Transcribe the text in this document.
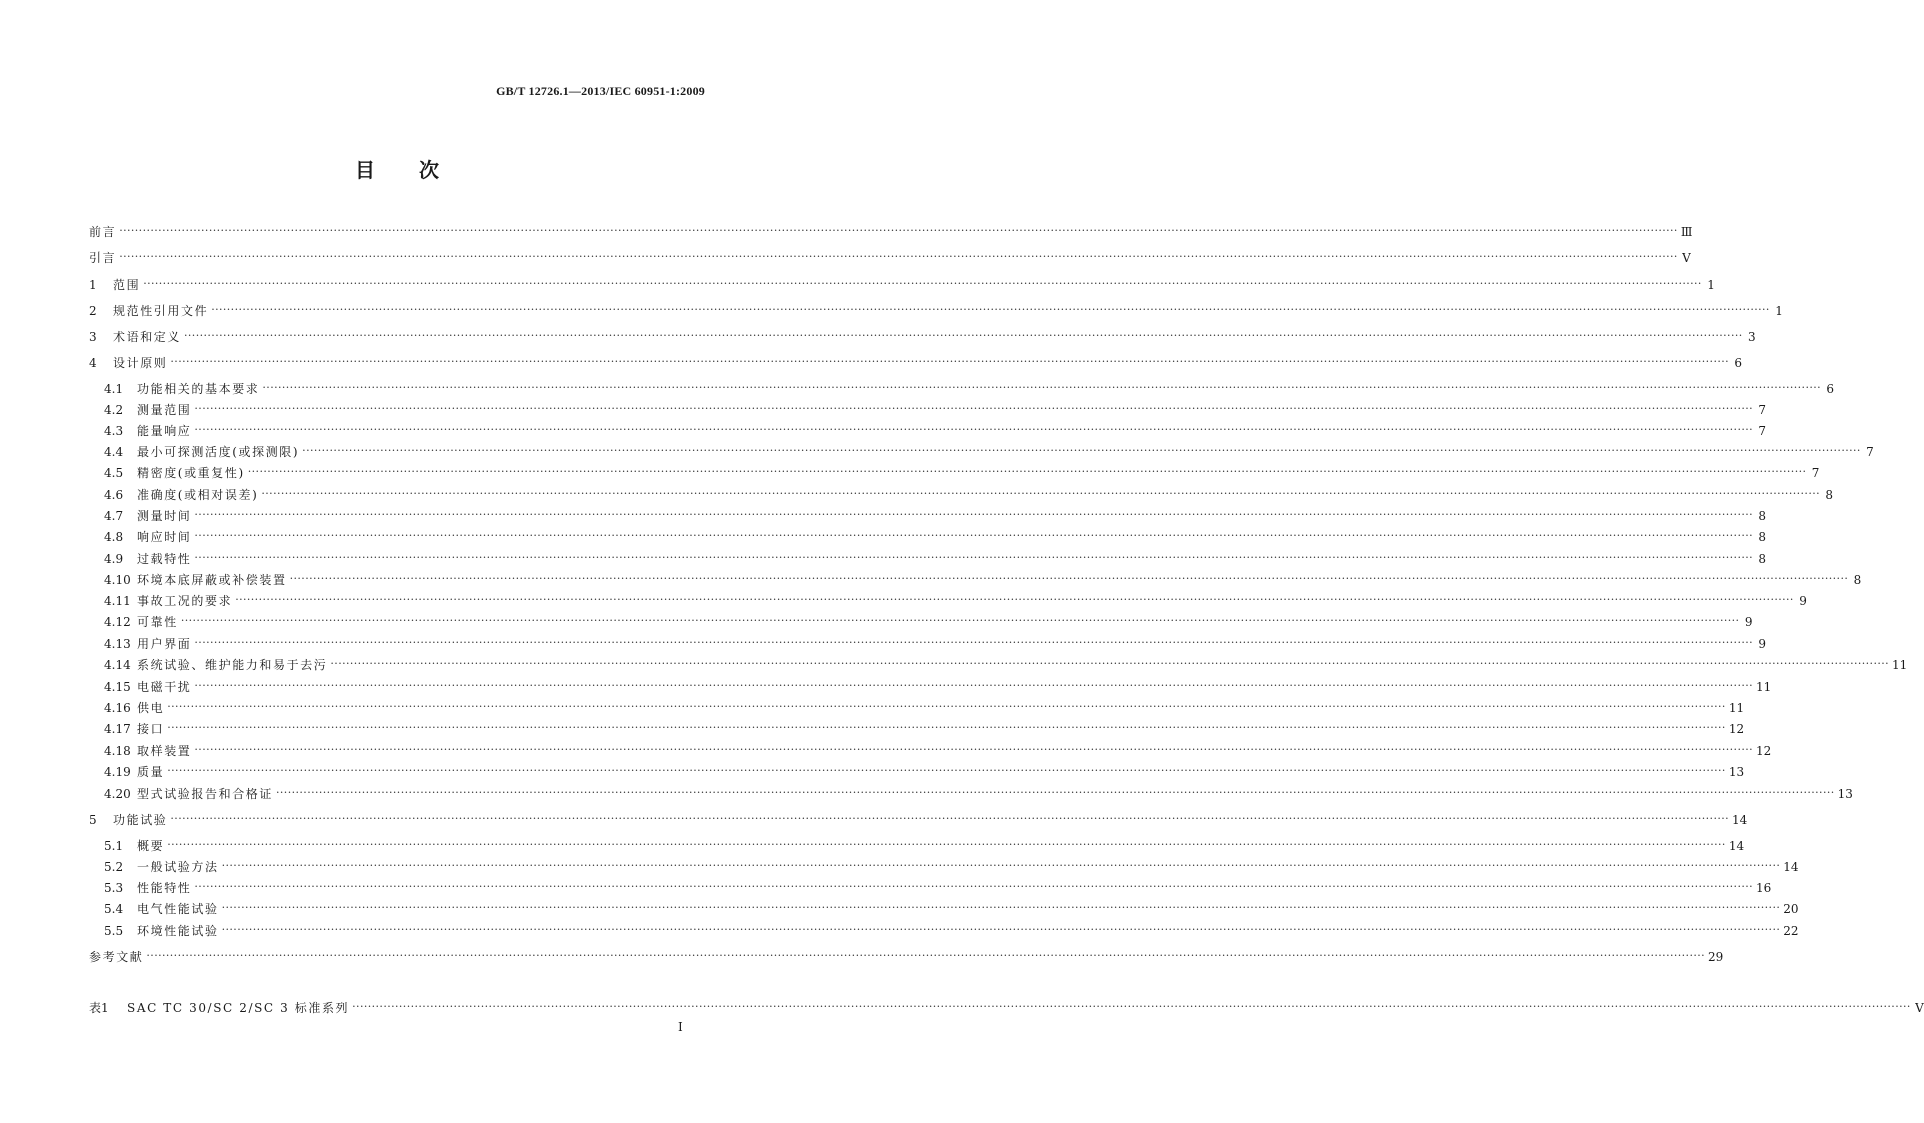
GB/T 12726.1—2013/IEC 60951-1:2009
目次
前言 ················································································································································································································································································································································································································ Ⅲ
引言 ················································································································································································································································································································································································································ V
1	范围 ················································································································································································································································································································································································································ 1
2	规范性引用文件 ················································································································································································································································································································································································································ 1
3	术语和定义 ················································································································································································································································································································································································································ 3
4	设计原则 ················································································································································································································································································································································································································ 6
4.1	功能相关的基本要求 ················································································································································································································································································································································································································ 6
4.2	测量范围 ················································································································································································································································································································································································································ 7
4.3	能量响应 ················································································································································································································································································································································································································ 7
4.4	最小可探测活度(或探测限) ················································································································································································································································································································································································································ 7
4.5	精密度(或重复性) ················································································································································································································································································································································································································ 7
4.6	准确度(或相对误差) ················································································································································································································································································································································································································ 8
4.7	测量时间 ················································································································································································································································································································································································································ 8
4.8	响应时间 ················································································································································································································································································································································································································ 8
4.9	过载特性 ················································································································································································································································································································································································································ 8
4.10 环境本底屏蔽或补偿装置 ················································································································································································································································································································································································································ 8
4.11 事故工况的要求 ················································································································································································································································································································································································································ 9
4.12 可靠性 ················································································································································································································································································································································································································ 9
4.13 用户界面 ················································································································································································································································································································································································································ 9
4.14 系统试验、维护能力和易于去污 ················································································································································································································································································································································································································ 11
4.15 电磁干扰 ················································································································································································································································································································································································································ 11
4.16 供电 ················································································································································································································································································································································································································ 11
4.17 接口 ················································································································································································································································································································································································································ 12
4.18 取样装置 ················································································································································································································································································································································································································ 12
4.19 质量 ················································································································································································································································································································································································································ 13
4.20 型式试验报告和合格证 ················································································································································································································································································································································································································ 13
5	功能试验 ················································································································································································································································································································································································································ 14
5.1	概要 ················································································································································································································································································································································································································ 14
5.2	一般试验方法 ················································································································································································································································································································································································································ 14
5.3	性能特性 ················································································································································································································································································································································································································ 16
5.4	电气性能试验 ················································································································································································································································································································································································································ 20
5.5	环境性能试验 ················································································································································································································································································································································································································ 22
参考文献 ················································································································································································································································································································································································································ 29
表1	SAC TC 30/SC 2/SC 3 标准系列 ················································································································································································································································································································································································································ V
I
